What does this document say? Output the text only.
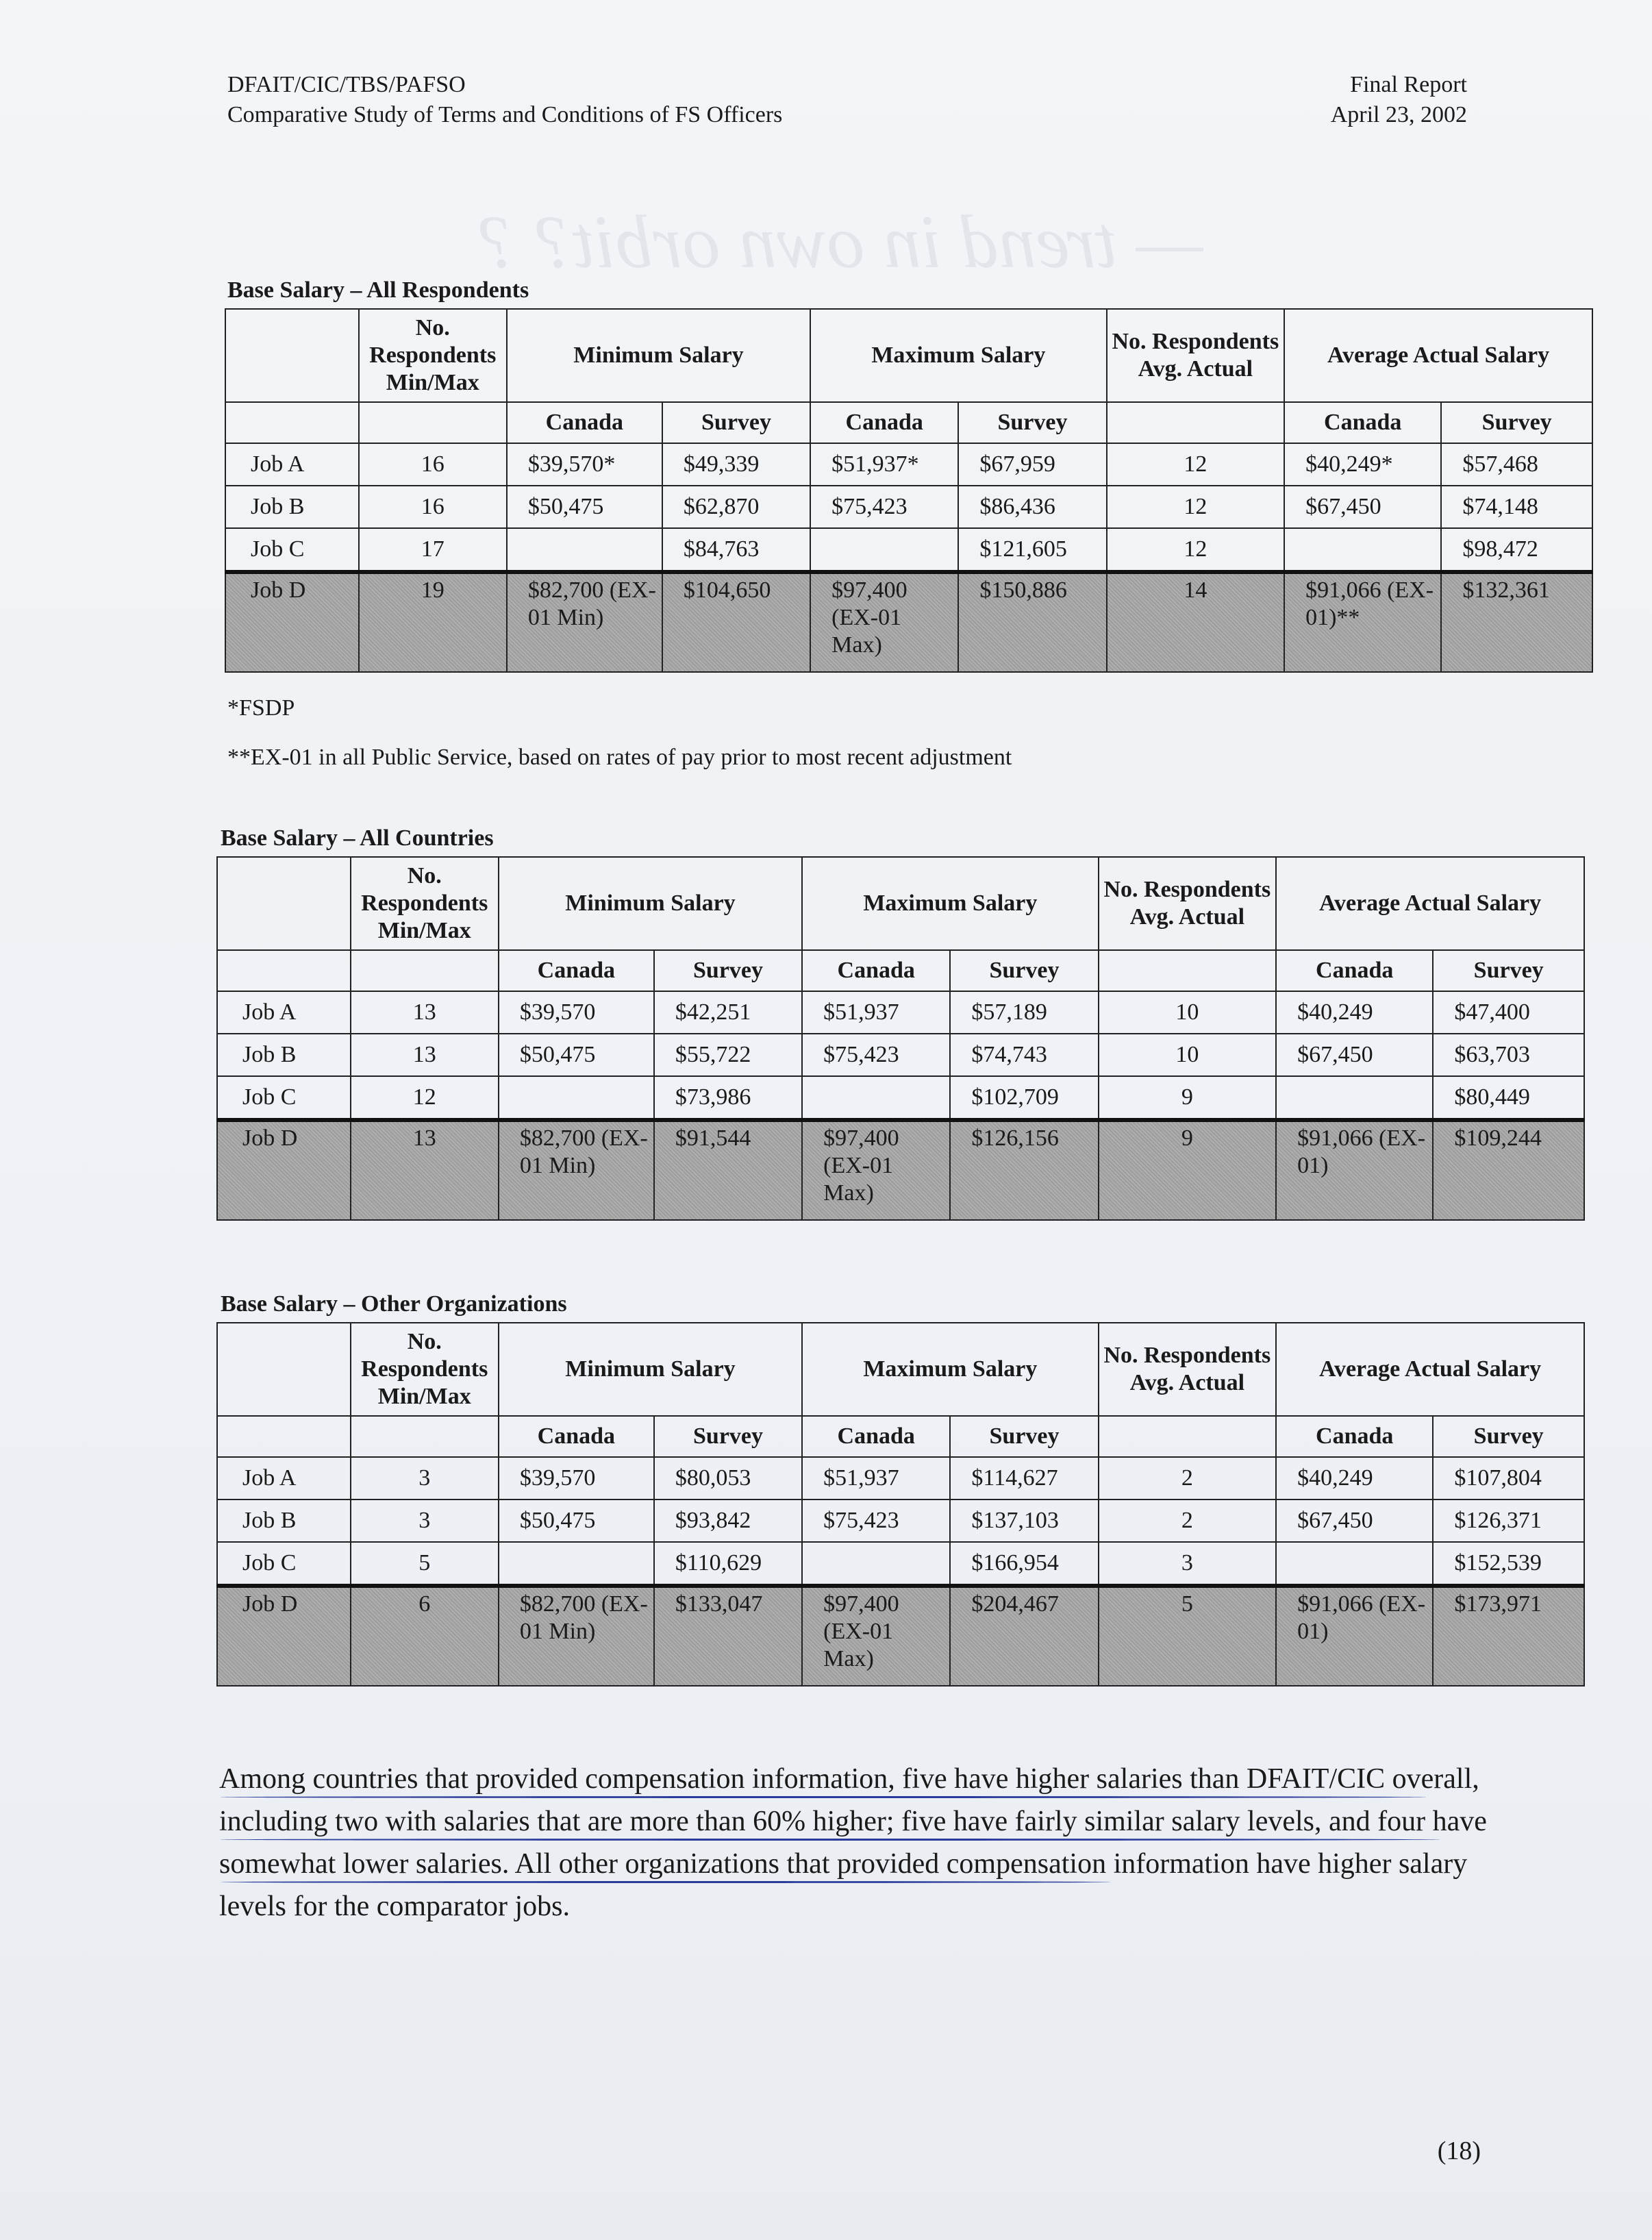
— trend in own orbit? ?
DFAIT/CIC/TBS/PAFSO
Comparative Study of Terms and Conditions of FS Officers
Final Report
April 23, 2002
Base Salary – All Respondents
	No. Respondents Min/Max	Minimum Salary		Maximum Salary		No. Respondents Avg. Actual	Average Actual Salary	
		Canada	Survey	Canada	Survey		Canada	Survey
Job A	16	$39,570*	$49,339	$51,937*	$67,959	12	$40,249*	$57,468
Job B	16	$50,475	$62,870	$75,423	$86,436	12	$67,450	$74,148
Job C	17		$84,763		$121,605	12		$98,472
Job D	19	$82,700 (EX-01 Min)	$104,650	$97,400 (EX-01 Max)	$150,886	14	$91,066 (EX-01)**	$132,361
*FSDP
**EX-01 in all Public Service, based on rates of pay prior to most recent adjustment
Base Salary – All Countries
	No. Respondents Min/Max	Minimum Salary		Maximum Salary		No. Respondents Avg. Actual	Average Actual Salary	
		Canada	Survey	Canada	Survey		Canada	Survey
Job A	13	$39,570	$42,251	$51,937	$57,189	10	$40,249	$47,400
Job B	13	$50,475	$55,722	$75,423	$74,743	10	$67,450	$63,703
Job C	12		$73,986		$102,709	9		$80,449
Job D	13	$82,700 (EX-01 Min)	$91,544	$97,400 (EX-01 Max)	$126,156	9	$91,066 (EX-01)	$109,244
Base Salary – Other Organizations
	No. Respondents Min/Max	Minimum Salary		Maximum Salary		No. Respondents Avg. Actual	Average Actual Salary	
		Canada	Survey	Canada	Survey		Canada	Survey
Job A	3	$39,570	$80,053	$51,937	$114,627	2	$40,249	$107,804
Job B	3	$50,475	$93,842	$75,423	$137,103	2	$67,450	$126,371
Job C	5		$110,629		$166,954	3		$152,539
Job D	6	$82,700 (EX-01 Min)	$133,047	$97,400 (EX-01 Max)	$204,467	5	$91,066 (EX-01)	$173,971
Among countries that provided compensation information, five have higher salaries than DFAIT/CIC overall, including two with salaries that are more than 60% higher; five have fairly similar salary levels, and four have somewhat lower salaries. All other organizations that provided compensation information have higher salary levels for the comparator jobs.
(18)
